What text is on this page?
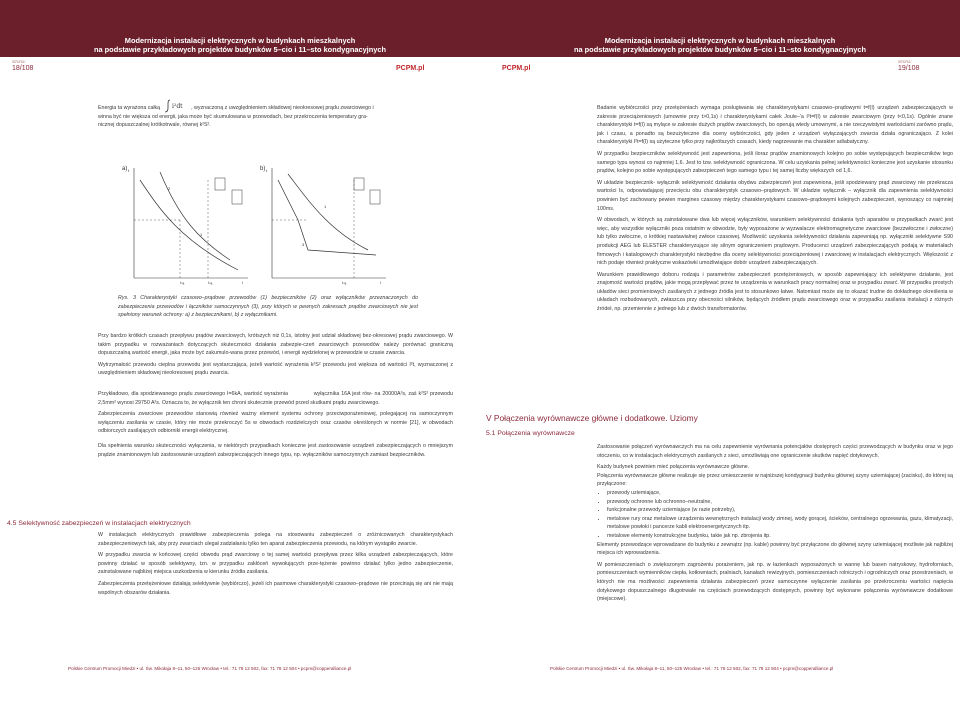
Modernizacja instalacji elektrycznych w budynkach mieszkalnych
na podstawie przykładowych projektów budynków 5–cio i 11–sto kondygnacyjnych
Modernizacja instalacji elektrycznych w budynkach mieszkalnych
na podstawie przykładowych projektów budynków 5–cio i 11–sto kondygnacyjnych
strona:
18/108	PCPM.pl
strona:
19/108
PCPM.pl

Energia ta wyrażona całką i²dt , wyznaczoną z uwzględnieniem składowej nieokresowej prądu zwarciowego i

winna być nie większa od energii, jaka może być skumulowana w przewodach, bez przekroczenia temperatury gra-

nicznej dopuszczalnej krótkotrwale, równej k²S².

a)
Iₙₐ	Iₙₐ	I
t
2
1
b)
Iₙₐ	I
t
3
1
Rys. 3 Charakterystyki czasowo–prądowe przewodów (1) bezpieczników (2) oraz wyłączników przeznaczonych do zabezpieczenia przewodów i łączników samoczynnych (3), przy których w pewnych zakresach prądów zwarciowych nie jest spełniony warunek ochrony: a) z bezpiecznikami, b) z wyłącznikami.

Przy bardzo krótkich czasach przepływu prądów zwarciowych, krótszych niż 0,1s, istotny jest udział składowej bez-okresowej prądu zwarciowego. W takim przypadku w rozważaniach dotyczących skuteczności działania zabezpie-czeń zwarciowych przewodów należy porównać graniczną dopuszczalną wartość energii, jaka może być zakumulo-wana przez przewód, i energii wydzielonej w przewodzie w czasie zwarcia.

Wytrzymałość przewodu cieplna przewodu jest wystarczająca, jeżeli wartość wyrażenia k²S² przewodu jest większa od wartości I²t, wyznaczonej z uwzględnieniem składowej nieokresowej prądu zwarcia.

Przykładowo, dla spodziewanego prądu zwarciowego I=6kA, wartość wyrażenia	wyłącznika 16A jest rów- na 20000A²s, zaś k²S² przewodu 2,5mm² wynosi 29750 A²s. Oznacza to, że wyłącznik ten chroni skutecznie przewód przed skutkami prądu zwarciowego.

Zabezpieczenia zwarciowe przewodów stanowią również ważny element systemu ochrony przeciwporażeniowej, polegającej na samoczynnym wyłączeniu zasilania w czasie, który nie może przekroczyć 5s w obwodach rozdzielczych oraz czasów określonych w normie [21], w obwodach odbiorczych zasilających odbiorniki energii elektrycznej.

Dla spełnienia warunku skuteczności wyłączenia, w niektórych przypadkach konieczne jest zastosowanie urządzeń zabezpieczających o mniejszym prądzie znamionowym lub zastosowanie urządzeń zabezpieczających innego typu, np. wyłączników samoczynnych zamiast bezpieczników.

4.5 Selektywność zabezpieczeń w instalacjach elektrycznych

W instalacjach elektrycznych prawidłowe zabezpieczenia polega na stosowaniu zabezpieczeń o zróżnicowanych charakterystykach zabezpieczeniowych tak, aby przy zwarciach ulegał zadziałaniu tylko ten aparat zabezpieczenia przewodu, na którym wystąpiło zwarcie.

W przypadku zwarcia w końcowej części obwodu prąd zwarciowy o tej samej wartości przepływa przez kilka urządzeń zabezpieczających, które powinny działać w sposób selektywny, tzn. w przypadku zakłóceń wywołujących prze-tężenie powinno działać tylko jedno zabezpieczenie, zainstalowane najbliżej miejsca uszkodzenia w kierunku źródła zasilania.

Zabezpieczenia przetężeniowe działają selektywnie (wybiórczo), jeżeli ich pasmowe charakterystyki czasowo–prądowe nie przecinają się ani nie mają wspólnych obszarów działania.

Badanie wybiórczości przy przetężeniach wymaga posługiwania się charakterystykami czasowo–prądowymi t=f(I) urządzeń zabezpieczających w zakresie przeciążeniowych (umownie przy t>0,1s) i charakterystykami całek Joule–'a I²t=f(I) w zakresie zwarciowym (przy t<0,1s). Ogólnie znane charakterystyki t=f(I) są mylące w zakresie dużych prądów zwarciowych, bo operują wtedy umownymi, a nie rzeczywistymi wartościami zarówno prądu, jak i czasu, a ponadto są bezużyteczne dla oceny wybiórczości, gdy jeden z urządzeń wyłączających zwarcia działa ograniczająco. Z kolei charakterystyki I²t=f(I) są użyteczne tylko przy najkrótszych czasach, kiedy nagrzewanie ma charakter adiabatyczny.

W przypadku bezpieczników selektywność jest zapewniona, jeśli iloraz prądów znamionowych kolejno po sobie występujących bezpieczników tego samego typu wynosi co najmniej 1,6. Jest to tzw. selektywność ograniczona. W celu uzyskania pełnej selektywności konieczne jest uzyskanie stosunku prądów, kolejno po sobie występujących zabezpieczeń tego samego typu i tej samej liczby większych od 1,6.

W układzie bezpiecznik- wyłącznik selektywność działania obydwu zabezpieczeń jest zapewniona, jeśli spodziewany prąd zwarciowy nie przekracza wartości Is, odpowiadającej przecięciu obu charakterystyk czasowo–prądowych. W układzie wyłącznik – wyłącznik dla zapewnienia selektywności powinien być zachowany pewien margines czasowy między charakterystykami czasowo–prądowymi kolejnych zabezpieczeń, wynoszący co najmniej 100ms.

W obwodach, w których są zainstalowane dwa lub więcej wyłączników, warunkiem selektywności działania tych aparatów w przypadkach zwarć jest więc, aby wszystkie wyłączniki poza ostatnim w obwodzie, były wyposażone w wyzwalacze elektromagnetyczne zwarciowe (bezzwłoczne i zwłoczne) lub tylko zwłoczne, o krótkiej nastawialnej zwłoce czasowej. Możliwość uzyskania selektywności działania zapewniają np. wyłączniki selektywne S90 produkcji AEG lub ELESTER charakteryzujące się silnym ograniczeniem prądowym. Producenci urządzeń zabezpieczających podają w materiałach firmowych i katalogowych charakterystyki niezbędne dla oceny selektywności przeciążeniowej i zwarciowej w instalacjach elektrycznych. Większość z nich podaje również praktyczne wskazówki umożliwiające dobór urządzeń zabezpieczających.

Warunkiem prawidłowego doboru rodzaju i parametrów zabezpieczeń przetężeniowych, w sposób zapewniający ich selektywne działanie, jest znajomość wartości prądów, jakie mogą przepływać przez te urządzenia w warunkach pracy normalnej oraz w przypadku zwarć. W przypadku prostych układów sieci promieniowych zasilanych z jednego źródła jest to stosunkowo łatwe. Natomiast może się to okazać trudne do dokładnego określenia w układach rozbudowanych, zwłaszcza przy obecności silników, będących źródłem prądu zwarciowego oraz w przypadku zasilania instalacji z różnych źródeł, np. przemiennie z jednego lub z dwóch transformatorów.

V Połączenia wyrównawcze główne i dodatkowe. Uziomy

5.1 Połączenia wyrównawcze

Zastosowanie połączeń wyrównawczych ma na celu zapewnienie wyrównania potencjałów dostępnych części przewodzących w budynku oraz w jego otoczeniu, co w instalacjach elektrycznych zasilanych z sieci, umożliwiają one ograniczenie skutków napięć dotykowych.

Każdy budynek powinien mieć połączenia wyrównawcze główne.

Połączenia wyrównawcze główne realizuje się przez umieszczenie w najniższej kondygnacji budynku głównej szyny uziemiającej (zacisku), do której są przyłączone:

• przewody uziemiające,
• przewody ochronne lub ochronno–neutralne,
• funkcjonalne przewody uziemiające (w razie potrzeby),
• metalowe rury oraz metalowe urządzenia wewnętrznych instalacji wody zimnej, wody gorącej, ścieków, centralnego ogrzewania, gazu, klimatyzacji, metalowe powłoki i pancerze kabli elektroenergetycznych itp.
• metalowe elementy konstrukcyjne budynku, takie jak np. zbrojenia itp.

Elementy przewodzące wprowadzane do budynku z zewnątrz (np. kable) powinny być przyłączone do głównej szyny uziemiającej możliwie jak najbliżej miejsca ich wprowadzenia.

W pomieszczeniach o zwiększonym zagrożeniu porażeniem, jak np. w łazienkach wyposażonych w wannę lub basen natryskowy, hydroforniach, pomieszczeniach wymienników ciepła, kotłowniach, pralniach, kanałach rewizyjnych, pomieszczeniach rolniczych i ogrodniczych oraz przestrzeniach, w których nie ma możliwości zapewnienia działania zabezpieczeń przez samoczynne wyłączenie zasilania po przekroczeniu wartości napięcia dotykowego dopuszczalnego długotrwale na częściach przewodzących dostępnych, powinny być wykonane połączenia wyrównawcze dodatkowe (miejscowe).

Polskie Centrum Promocji Miedzi • ul. Św. Mikołaja 8–11, 50–125 Wrocław • tel.: 71 78 12 502, fax: 71 78 12 504 • pcpm@copperalliance.pl	Polskie Centrum Promocji Miedzi • ul. Św. Mikołaja 8–11, 50–125 Wrocław • tel.: 71 78 12 502, fax: 71 78 12 504 • pcpm@copperalliance.pl
